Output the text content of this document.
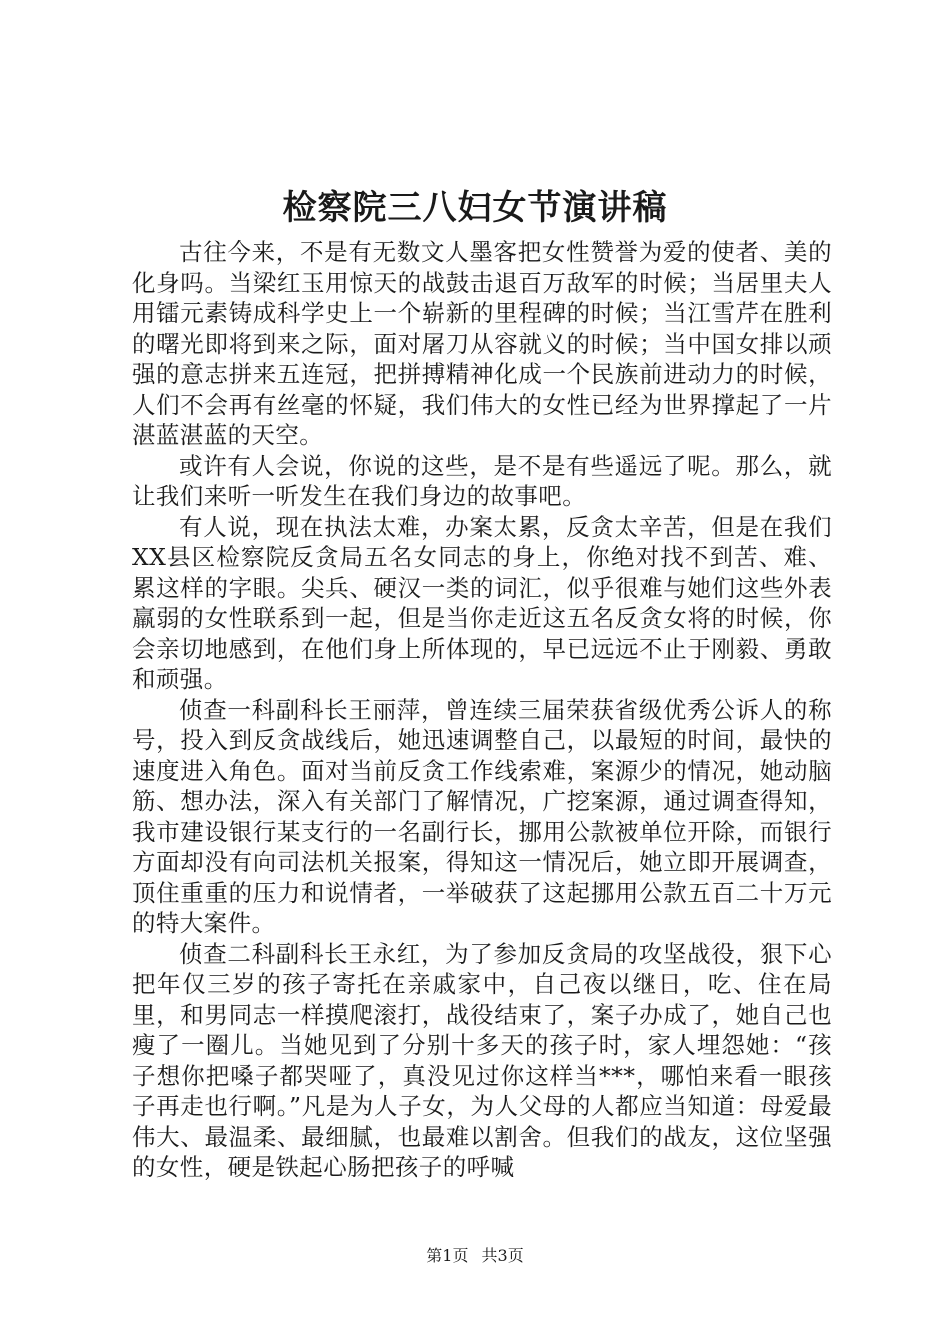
检察院三八妇女节演讲稿

古往今来，不是有无数文人墨客把女性赞誉为爱的使者、美的化身吗。当梁红玉用惊天的战鼓击退百万敌军的时候；当居里夫人用镭元素铸成科学史上一个崭新的里程碑的时候；当江雪芹在胜利的曙光即将到来之际，面对屠刀从容就义的时候；当中国女排以顽强的意志拼来五连冠，把拼搏精神化成一个民族前进动力的时候，人们不会再有丝毫的怀疑，我们伟大的女性已经为世界撑起了一片湛蓝湛蓝的天空。

或许有人会说，你说的这些，是不是有些遥远了呢。那么，就让我们来听一听发生在我们身边的故事吧。

有人说，现在执法太难，办案太累，反贪太辛苦，但是在我们XX县区检察院反贪局五名女同志的身上，你绝对找不到苦、难、累这样的字眼。尖兵、硬汉一类的词汇，似乎很难与她们这些外表羸弱的女性联系到一起，但是当你走近这五名反贪女将的时候，你会亲切地感到，在他们身上所体现的，早已远远不止于刚毅、勇敢和顽强。

侦查一科副科长王丽萍，曾连续三届荣获省级优秀公诉人的称号，投入到反贪战线后，她迅速调整自己，以最短的时间，最快的速度进入角色。面对当前反贪工作线索难，案源少的情况，她动脑筋、想办法，深入有关部门了解情况，广挖案源，通过调查得知，我市建设银行某支行的一名副行长，挪用公款被单位开除，而银行方面却没有向司法机关报案，得知这一情况后，她立即开展调查，顶住重重的压力和说情者，一举破获了这起挪用公款五百二十万元的特大案件。

侦查二科副科长王永红，为了参加反贪局的攻坚战役，狠下心把年仅三岁的孩子寄托在亲戚家中，自己夜以继日，吃、住在局里，和男同志一样摸爬滚打，战役结束了，案子办成了，她自己也瘦了一圈儿。当她见到了分别十多天的孩子时，家人埋怨她：“孩子想你把嗓子都哭哑了，真没见过你这样当***，哪怕来看一眼孩子再走也行啊。”凡是为人子女，为人父母的人都应当知道：母爱最伟大、最温柔、最细腻，也最难以割舍。但我们的战友，这位坚强的女性，硬是铁起心肠把孩子的呼喊

第1页 共3页
